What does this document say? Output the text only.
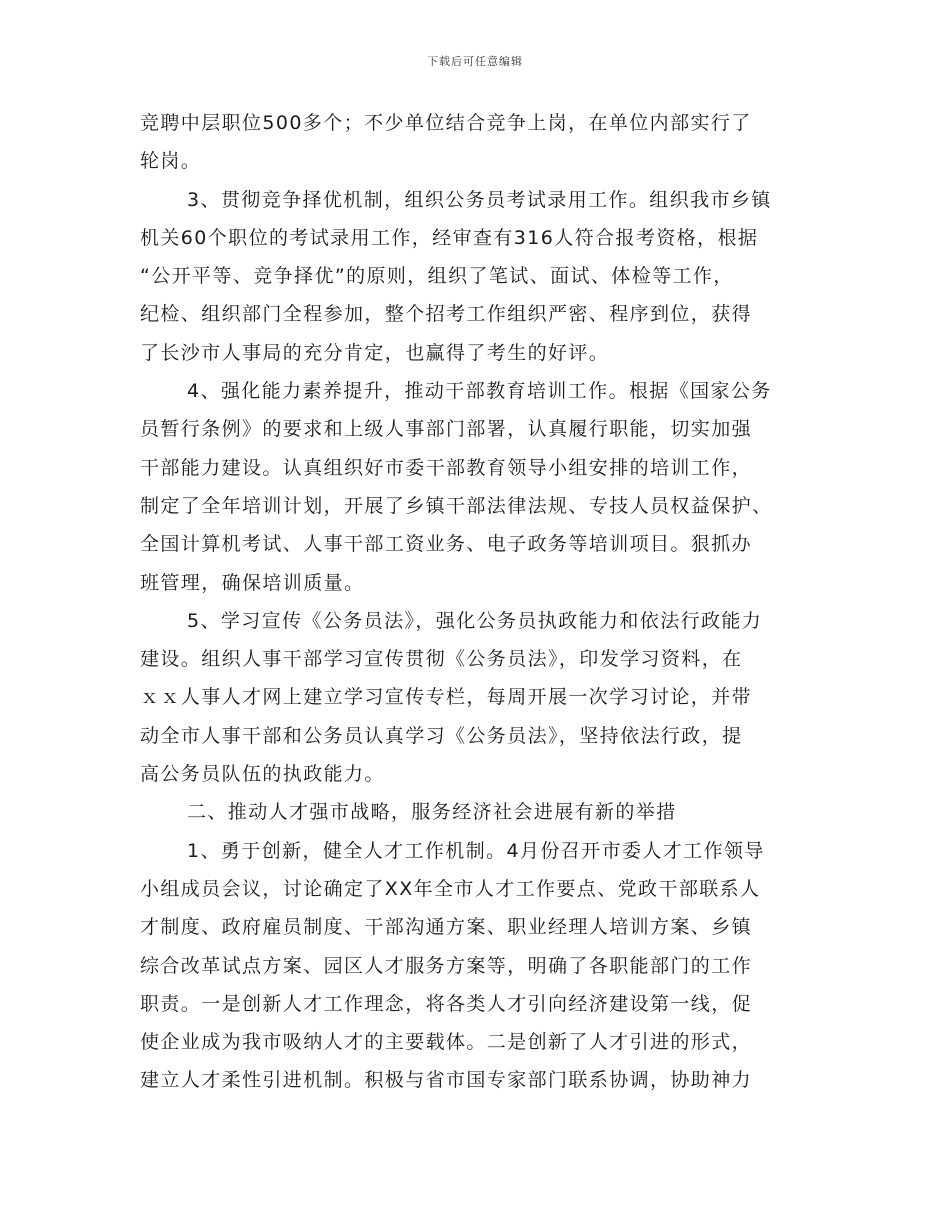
下载后可任意编辑
竞聘中层职位500多个；不少单位结合竞争上岗，在单位内部实行了
轮岗。
3、贯彻竞争择优机制，组织公务员考试录用工作。组织我市乡镇
机关60个职位的考试录用工作，经审查有316人符合报考资格，根据
“公开平等、竞争择优”的原则，组织了笔试、面试、体检等工作，
纪检、组织部门全程参加，整个招考工作组织严密、程序到位，获得
了长沙市人事局的充分肯定，也赢得了考生的好评。
4、强化能力素养提升，推动干部教育培训工作。根据《国家公务
员暂行条例》的要求和上级人事部门部署，认真履行职能，切实加强
干部能力建设。认真组织好市委干部教育领导小组安排的培训工作，
制定了全年培训计划，开展了乡镇干部法律法规、专技人员权益保护、
全国计算机考试、人事干部工资业务、电子政务等培训项目。狠抓办
班管理，确保培训质量。
5、学习宣传《公务员法》，强化公务员执政能力和依法行政能力
建设。组织人事干部学习宣传贯彻《公务员法》，印发学习资料，在
ｘｘ人事人才网上建立学习宣传专栏，每周开展一次学习讨论，并带
动全市人事干部和公务员认真学习《公务员法》，坚持依法行政，提
高公务员队伍的执政能力。
二、推动人才强市战略，服务经济社会进展有新的举措
1、勇于创新，健全人才工作机制。4月份召开市委人才工作领导
小组成员会议，讨论确定了XX年全市人才工作要点、党政干部联系人
才制度、政府雇员制度、干部沟通方案、职业经理人培训方案、乡镇
综合改革试点方案、园区人才服务方案等，明确了各职能部门的工作
职责。一是创新人才工作理念，将各类人才引向经济建设第一线，促
使企业成为我市吸纳人才的主要载体。二是创新了人才引进的形式，
建立人才柔性引进机制。积极与省市国专家部门联系协调，协助神力
